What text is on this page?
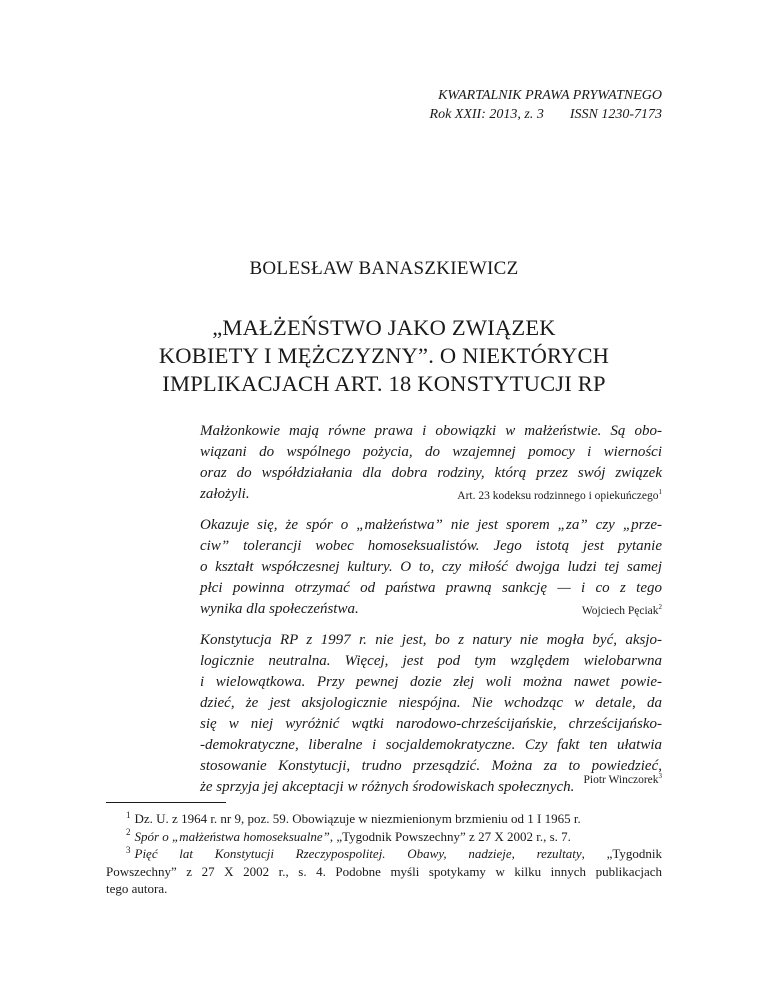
KWARTALNIK PRAWA PRYWATNEGO
Rok XXII: 2013, z. 3 ISSN 1230-7173
BOLESŁAW BANASZKIEWICZ
„MAŁŻEŃSTWO JAKO ZWIĄZEK
KOBIETY I MĘŻCZYZNY”. O NIEKTÓRYCH
IMPLIKACJACH ART. 18 KONSTYTUCJI RP
Małżonkowie mają równe prawa i obowiązki w małżeństwie. Są obo-
wiązani do wspólnego pożycia, do wzajemnej pomocy i wierności
oraz do współdziałania dla dobra rodziny, którą przez swój związek
założyli.	Art. 23 kodeksu rodzinnego i opiekuńczego$^1$
Okazuje się, że spór o „małżeństwa” nie jest sporem „za” czy „prze-
ciw” tolerancji wobec homoseksualistów. Jego istotą jest pytanie
o kształt współczesnej kultury. O to, czy miłość dwojga ludzi tej samej
płci powinna otrzymać od państwa prawną sankcję — i co z tego
wynika dla społeczeństwa.	Wojciech Pęciak$^2$
Konstytucja RP z 1997 r. nie jest, bo z natury nie mogła być, aksjo-
logicznie neutralna. Więcej, jest pod tym względem wielobarwna
i wielowątkowa. Przy pewnej dozie złej woli można nawet powie-
dzieć, że jest aksjologicznie niespójna. Nie wchodząc w detale, da
się w niej wyróżnić wątki narodowo-chrześcijańskie, chrześcijańsko-
-demokratyczne, liberalne i socjaldemokratyczne. Czy fakt ten ułatwia
stosowanie Konstytucji, trudno przesądzić. Można za to powiedzieć,
że sprzyja jej akceptacji w różnych środowiskach społecznych. Piotr Winczorek$^3$
$^1$ Dz. U. z 1964 r. nr 9, poz. 59. Obowiązuje w niezmienionym brzmieniu od 1 I 1965 r.
$^2$ Spór o „małżeństwa homoseksualne”, „Tygodnik Powszechny” z 27 X 2002 r., s. 7.
$^3$ Pięć lat Konstytucji Rzeczypospolitej. Obawy, nadzieje, rezultaty, „Tygodnik
Powszechny” z 27 X 2002 r., s. 4. Podobne myśli spotykamy w kilku innych publikacjach
tego autora.
